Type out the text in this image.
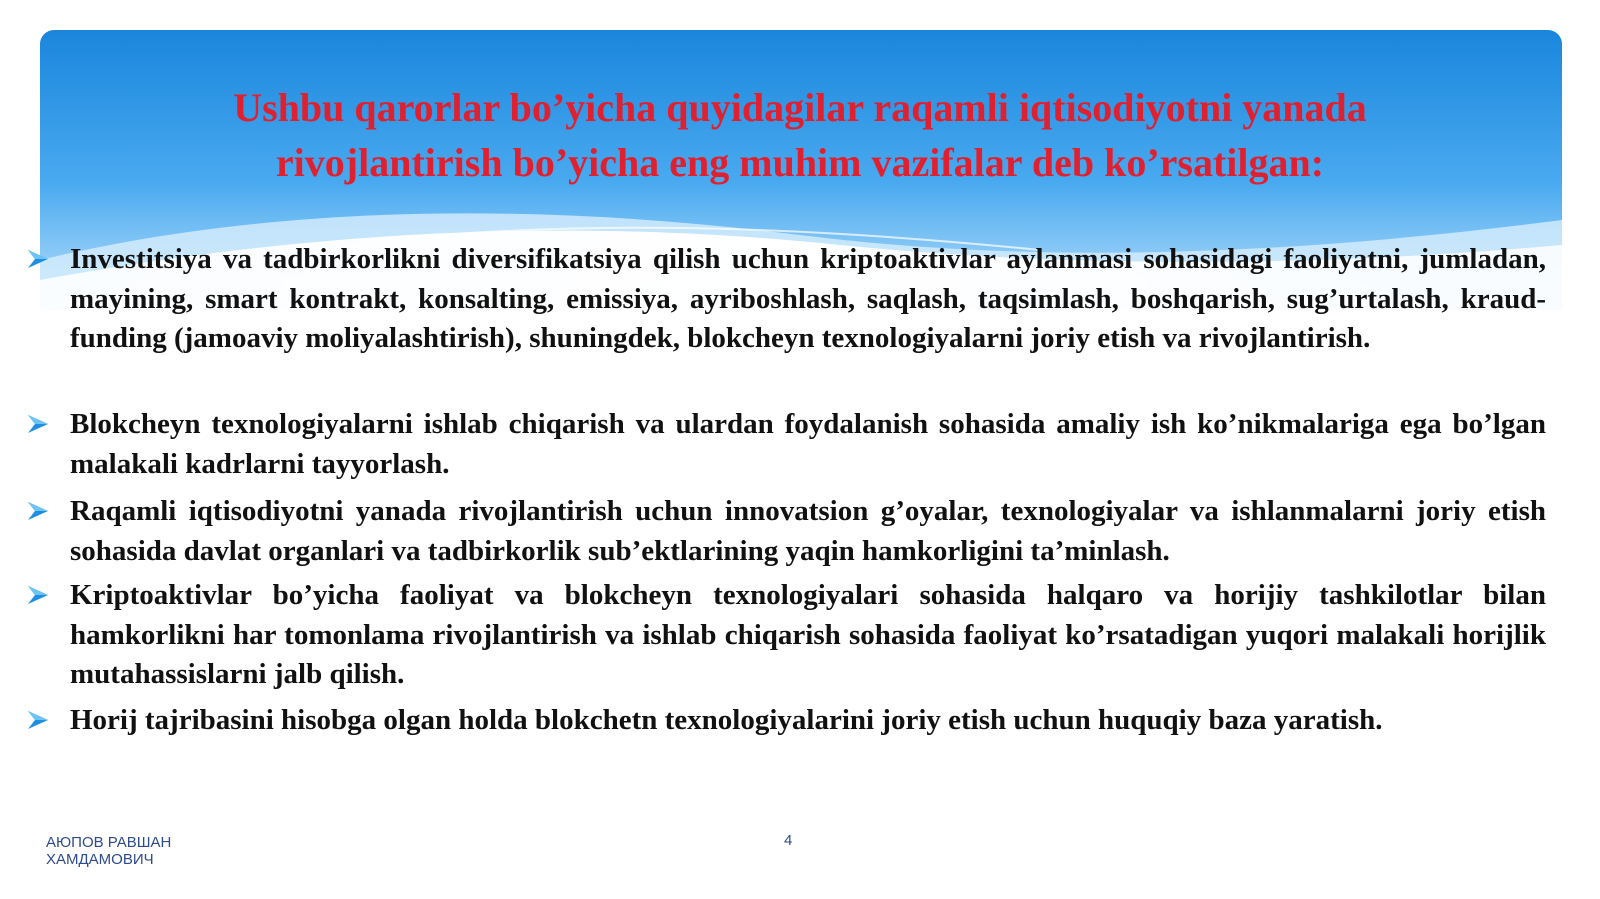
Ushbu qarorlar bo’yicha quyidagilar raqamli iqtisodiyotni yanada rivojlantirish bo’yicha eng muhim vazifalar deb ko’rsatilgan:
Investitsiya va tadbirkorlikni diversifikatsiya qilish uchun kriptoaktivlar aylanmasi sohasidagi faoliyatni, jumladan, mayining, smart kontrakt, konsalting, emissiya, ayriboshlash, saqlash, taqsimlash, boshqarish, sug’urtalash, kraud-funding (jamoaviy moliyalashtirish), shuningdek, blokcheyn texnologiyalarni joriy etish va rivojlantirish.
Blokcheyn texnologiyalarni ishlab chiqarish va ulardan foydalanish sohasida amaliy ish ko’nikmalariga ega bo’lgan malakali kadrlarni tayyorlash.
Raqamli iqtisodiyotni yanada rivojlantirish uchun innovatsion g’oyalar, texnologiyalar va ishlanmalarni joriy etish sohasida davlat organlari va tadbirkorlik sub’ektlarining yaqin hamkorligini ta’minlash.
Kriptoaktivlar bo’yicha faoliyat va blokcheyn texnologiyalari sohasida halqaro va horijiy tashkilotlar bilan hamkorlikni har tomonlama rivojlantirish va ishlab chiqarish sohasida faoliyat ko’rsatadigan yuqori malakali horijlik mutahassislarni jalb qilish.
Horij tajribasini hisobga olgan holda blokchetn texnologiyalarini joriy etish uchun huquqiy baza yaratish.
АЮПОВ РАВШАН ХАМДАМОВИЧ
4
